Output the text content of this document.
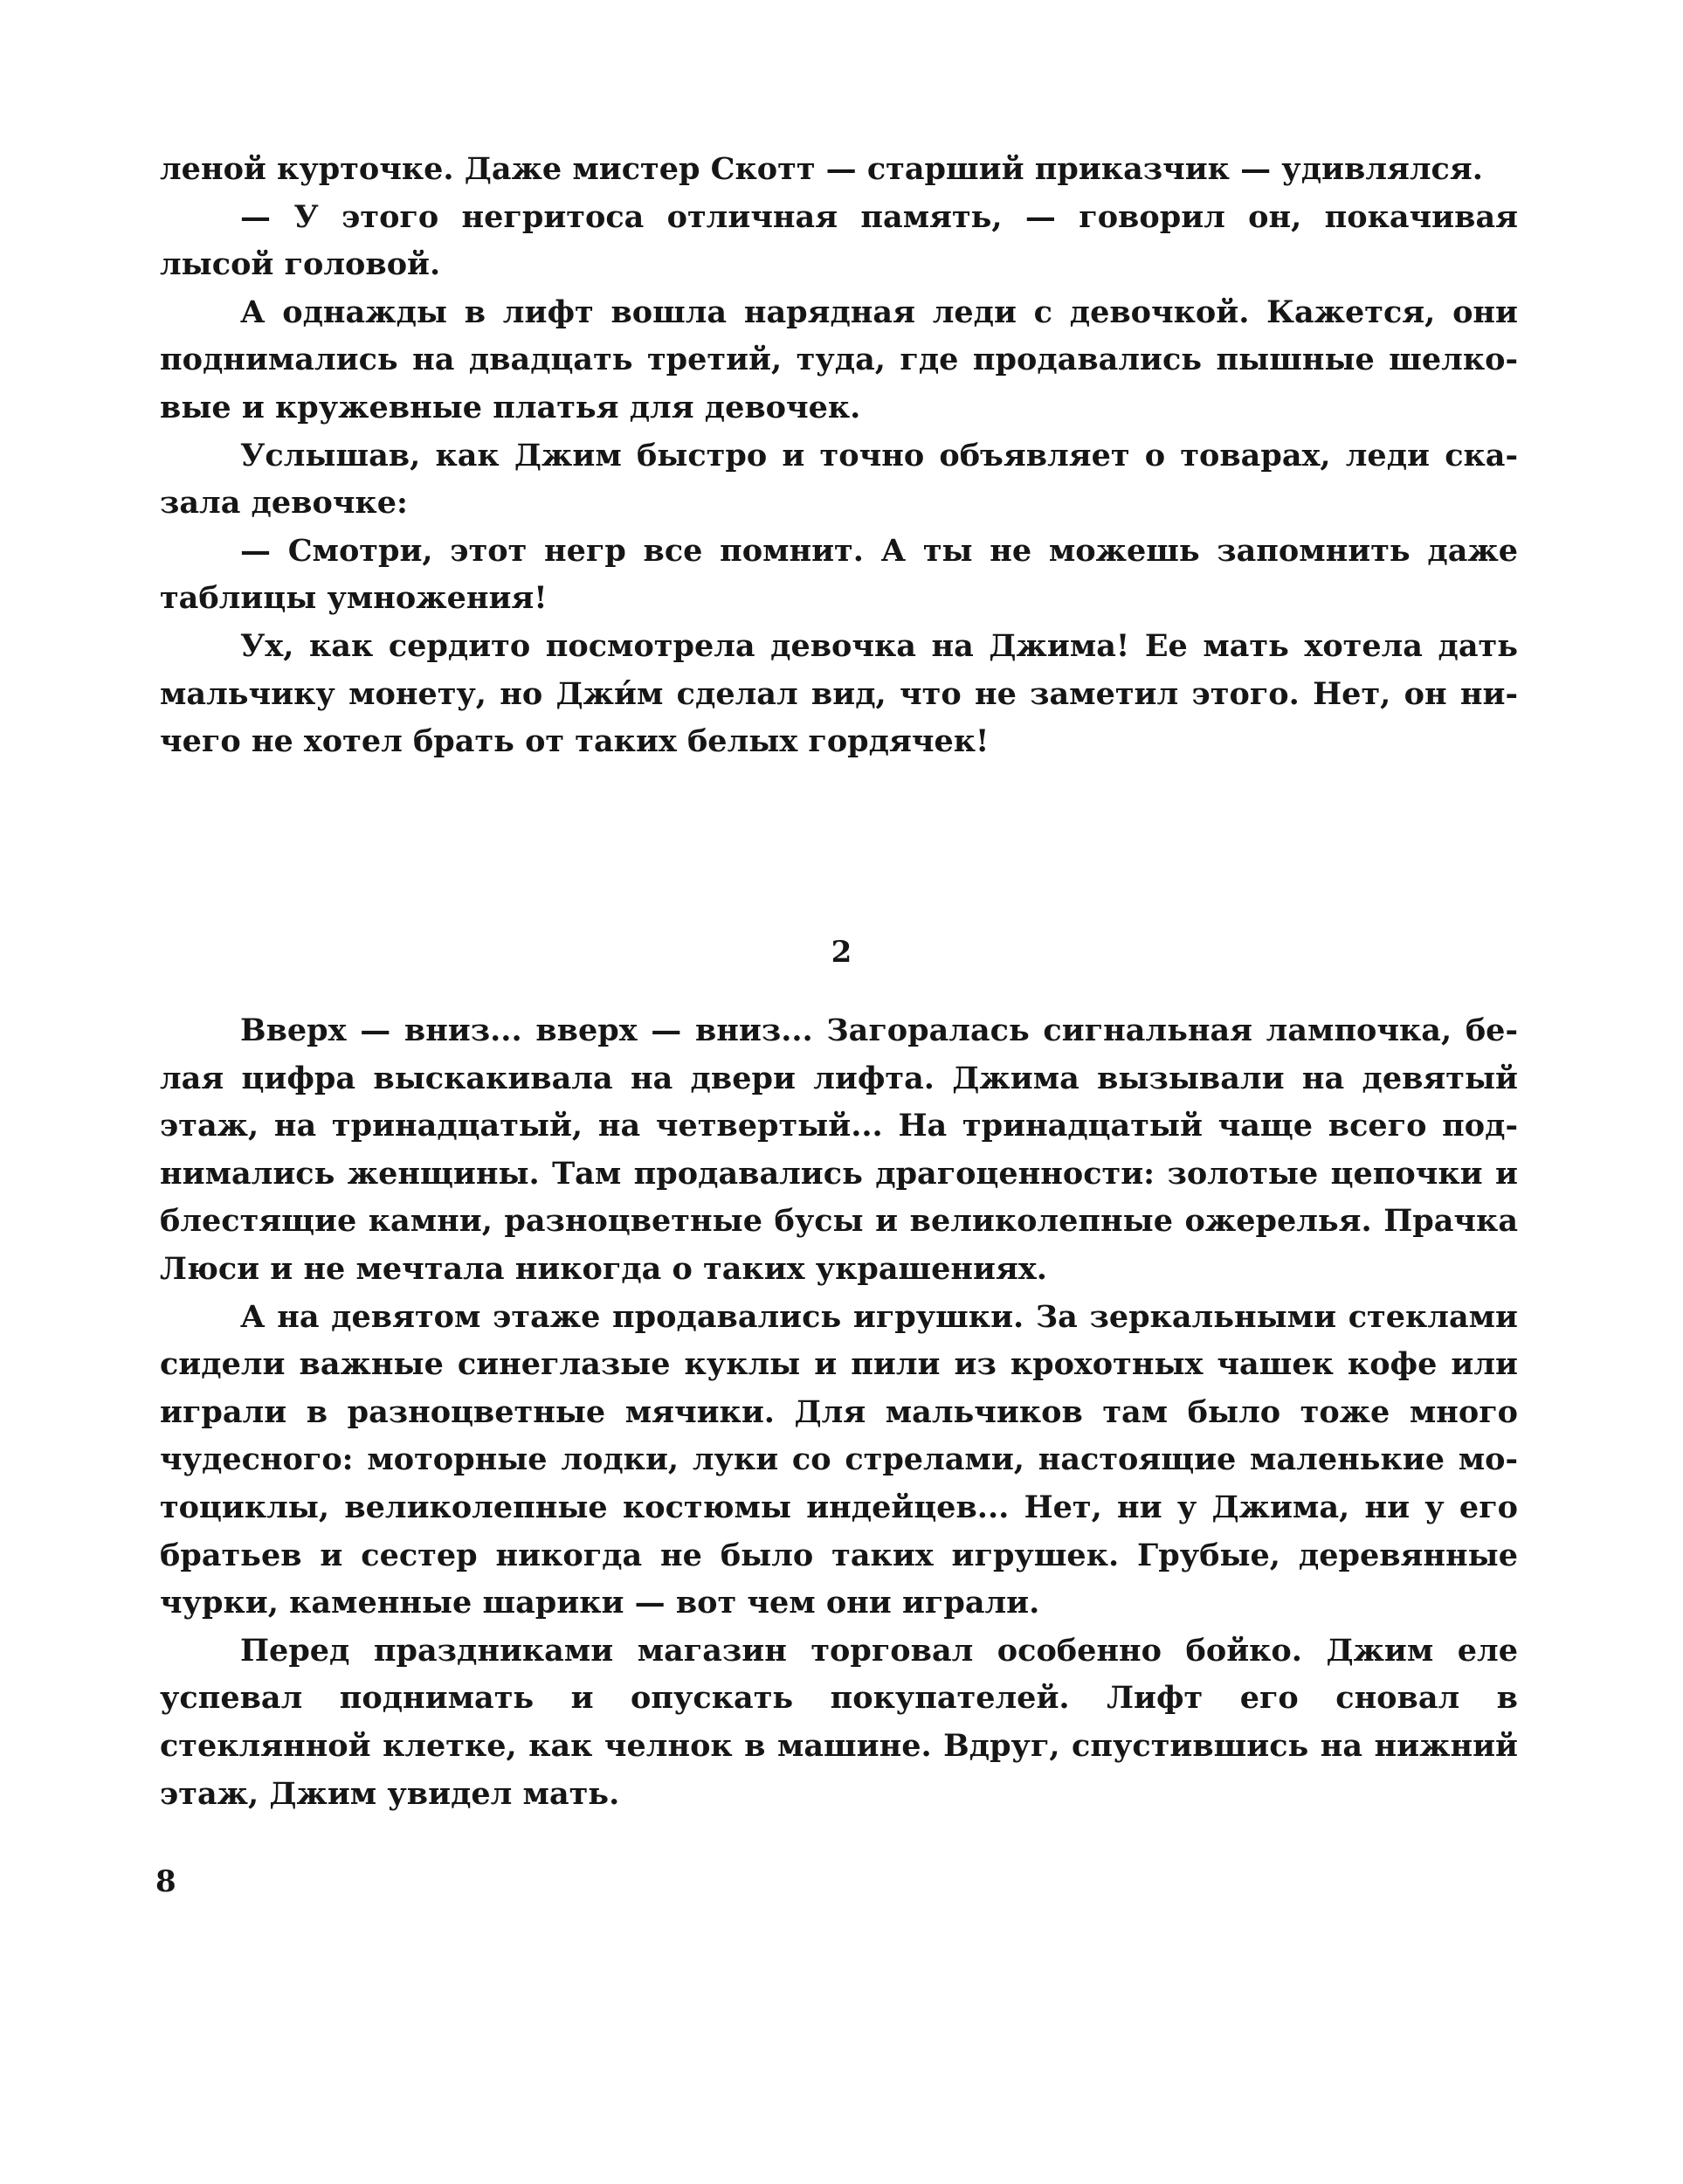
леной курточке. Даже мистер Скотт — старший приказчик — удивлялся.

— У этого негритоса отличная память, — говорил он, покачивая лысой головой.

А однажды в лифт вошла нарядная леди с девочкой. Кажется, они поднимались на двадцать третий, туда, где продавались пышные шелковые и кружевные платья для девочек.

Услышав, как Джим быстро и точно объявляет о товарах, леди сказала девочке:

— Смотри, этот негр все помнит. А ты не можешь запомнить даже таблицы умножения!

Ух, как сердито посмотрела девочка на Джима! Ее мать хотела дать мальчику монету, но Джи́м сделал вид, что не заметил этого. Нет, он ничего не хотел брать от таких белых гордячек!

2

Вверх — вниз... вверх — вниз... Загоралась сигнальная лампочка, белая цифра выскакивала на двери лифта. Джима вызывали на девятый этаж, на тринадцатый, на четвертый... На тринадцатый чаще всего поднимались женщины. Там продавались драгоценности: золотые цепочки и блестящие камни, разноцветные бусы и великолепные ожерелья. Прачка Люси и не мечтала никогда о таких украшениях.

А на девятом этаже продавались игрушки. За зеркальными стеклами сидели важные синеглазые куклы и пили из крохотных чашек кофе или играли в разноцветные мячики. Для мальчиков там было тоже много чудесного: моторные лодки, луки со стрелами, настоящие маленькие мотоциклы, великолепные костюмы индейцев... Нет, ни у Джима, ни у его братьев и сестер никогда не было таких игрушек. Грубые, деревянные чурки, каменные шарики — вот чем они играли.

Перед праздниками магазин торговал особенно бойко. Джим еле успевал поднимать и опускать покупателей. Лифт его сновал в стеклянной клетке, как челнок в машине. Вдруг, спустившись на нижний этаж, Джим увидел мать.

8
